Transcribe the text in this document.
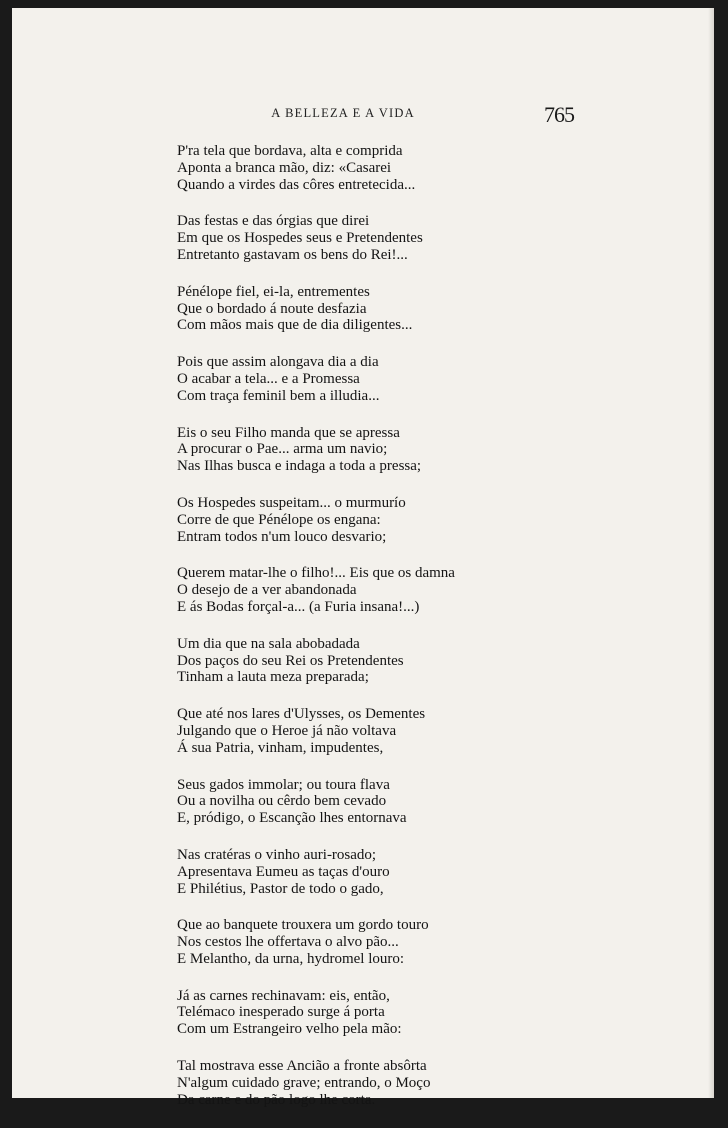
A BELLEZA E A VIDA	765
P'ra tela que bordava, alta e comprida
Aponta a branca mão, diz: «Casarei
Quando a virdes das côres entretecida...
Das festas e das órgias que direi
Em que os Hospedes seus e Pretendentes
Entretanto gastavam os bens do Rei!...
Pénélope fiel, ei-la, entrementes
Que o bordado á noute desfazia
Com mãos mais que de dia diligentes...
Pois que assim alongava dia a dia
O acabar a tela... e a Promessa
Com traça feminil bem a illudia...
Eis o seu Filho manda que se apressa
A procurar o Pae... arma um navio;
Nas Ilhas busca e indaga a toda a pressa;
Os Hospedes suspeitam... o murmurío
Corre de que Pénélope os engana:
Entram todos n'um louco desvario;
Querem matar-lhe o filho!... Eis que os damna
O desejo de a ver abandonada
E ás Bodas forçal-a... (a Furia insana!...)
Um dia que na sala abobadada
Dos paços do seu Rei os Pretendentes
Tinham a lauta meza preparada;
Que até nos lares d'Ulysses, os Dementes
Julgando que o Heroe já não voltava
Á sua Patria, vinham, impudentes,
Seus gados immolar; ou toura flava
Ou a novilha ou cêrdo bem cevado
E, pródigo, o Escanção lhes entornava
Nas cratéras o vinho auri-rosado;
Apresentava Eumeu as taças d'ouro
E Philétius, Pastor de todo o gado,
Que ao banquete trouxera um gordo touro
Nos cestos lhe offertava o alvo pão...
E Melantho, da urna, hydromel louro:
Já as carnes rechinavam: eis, então,
Telémaco inesperado surge á porta
Com um Estrangeiro velho pela mão:
Tal mostrava esse Ancião a fronte absôrta
N'algum cuidado grave; entrando, o Moço
Da carne e do pão logo lhe corta.
